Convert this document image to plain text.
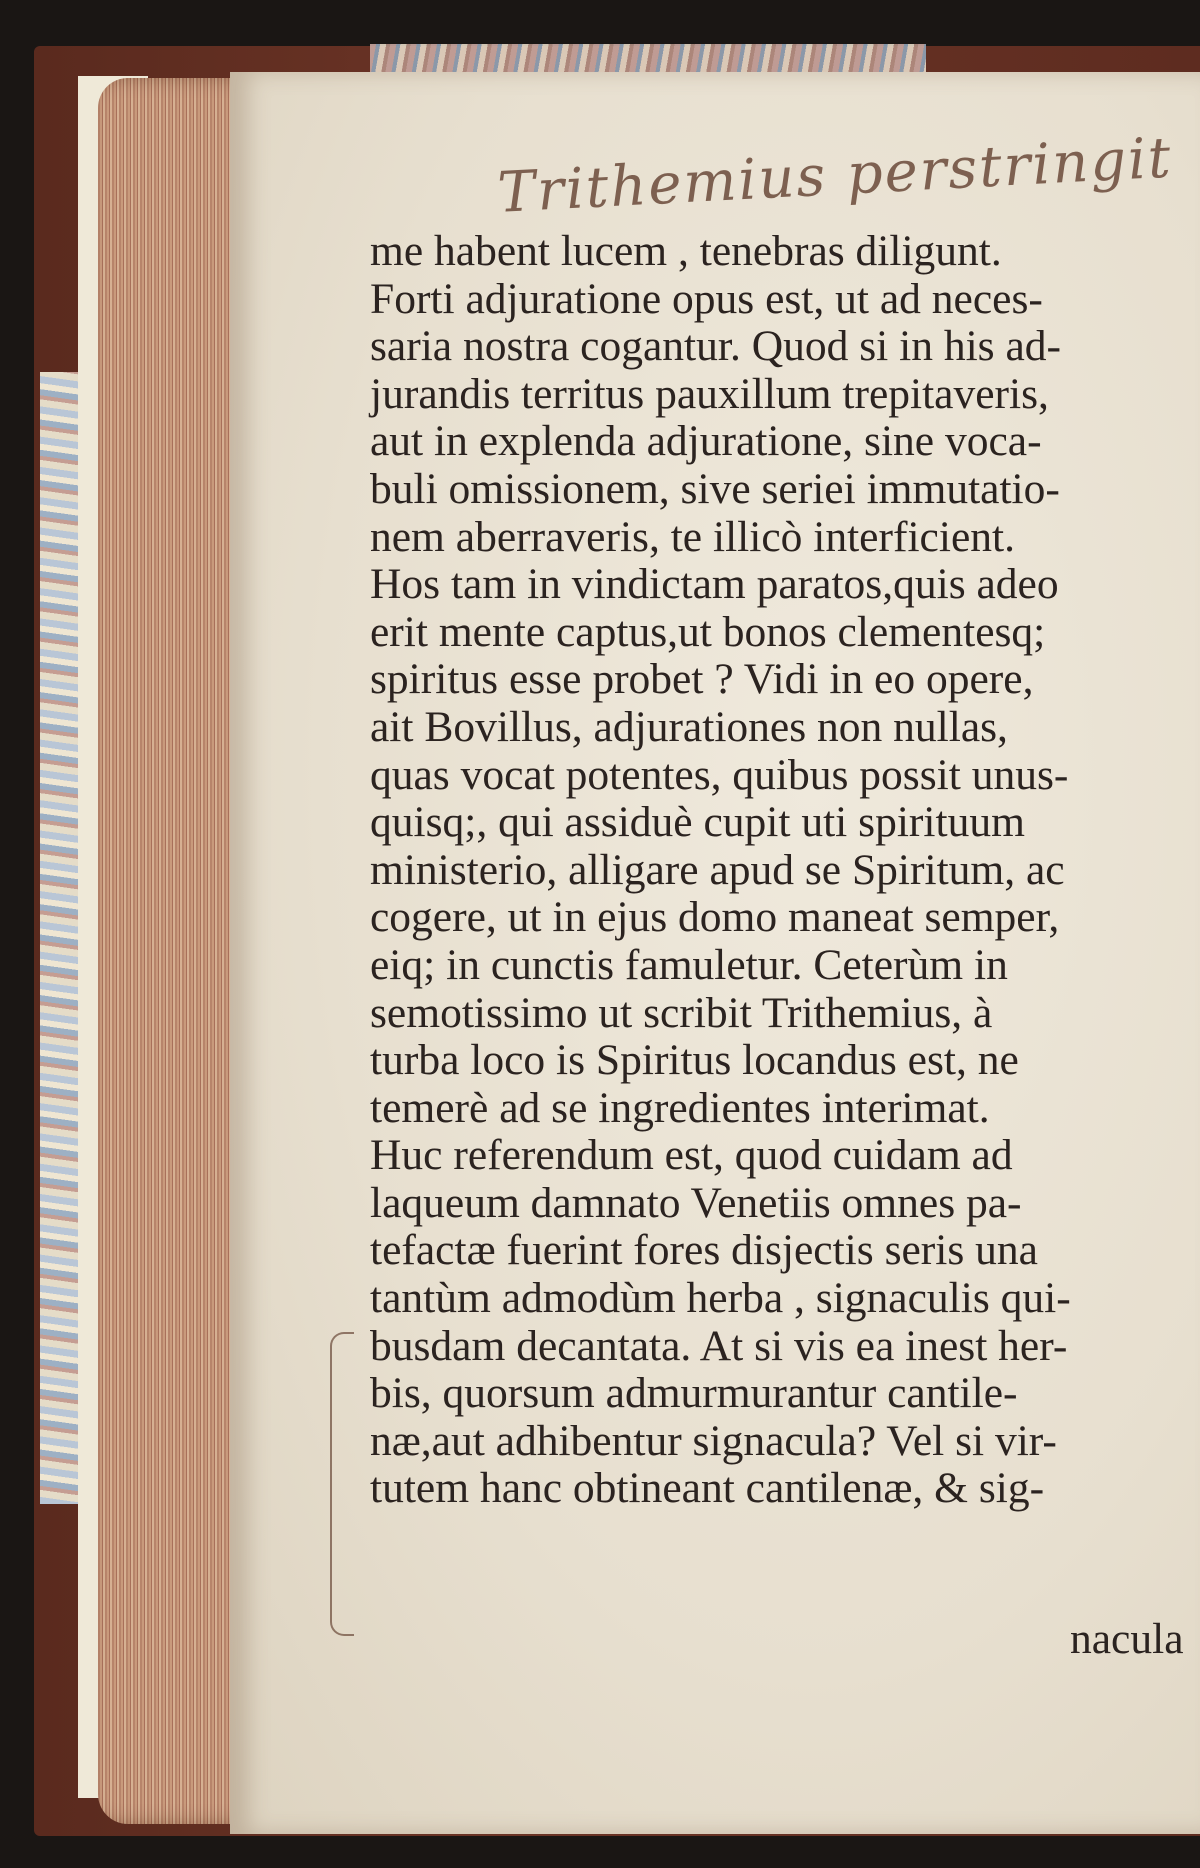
Trithemius perstringit
me habent lucem , tenebras diligunt.
Forti adjuratione opus est, ut ad neces-
saria nostra cogantur. Quod si in his ad-
jurandis territus pauxillum trepitaveris,
aut in explenda adjuratione, sine voca-
buli omissionem, sive seriei immutatio-
nem aberraveris, te illicò interficient.
Hos tam in vindictam paratos,quis adeo
erit mente captus,ut bonos clementesq;
spiritus esse probet ? Vidi in eo opere,
ait Bovillus, adjurationes non nullas,
quas vocat potentes, quibus possit unus-
quisq;, qui assiduè cupit uti spirituum
ministerio, alligare apud se Spiritum, ac
cogere, ut in ejus domo maneat semper,
eiq; in cunctis famuletur. Ceterùm in
semotissimo ut scribit Trithemius, à
turba loco is Spiritus locandus est, ne
temerè ad se ingredientes interimat.
Huc referendum est, quod cuidam ad
laqueum damnato Venetiis omnes pa-
tefactæ fuerint fores disjectis seris una
tantùm admodùm herba , signaculis qui-
busdam decantata. At si vis ea inest her-
bis, quorsum admurmurantur cantile-
næ,aut adhibentur signacula? Vel si vir-
tutem hanc obtineant cantilenæ, & sig-
nacula
